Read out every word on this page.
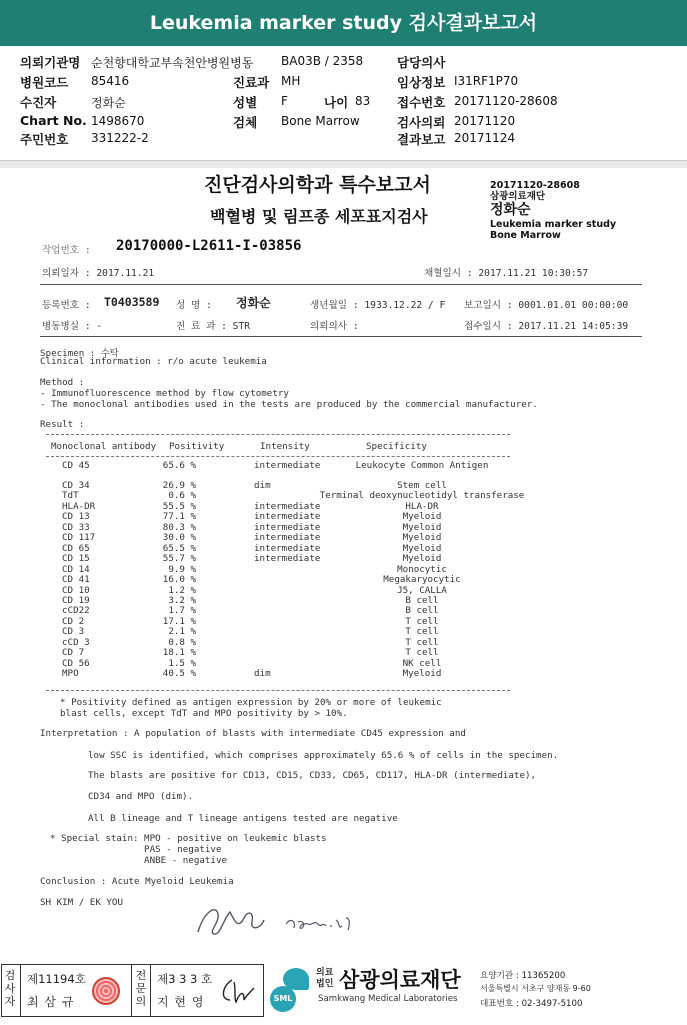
Leukemia marker study 검사결과보고서
의뢰기관명 순천향대학교부속천안병원병동
병원코드 85416
수진자	정화순
Chart No. 1498670
주민번호 331222-2
BA03B / 2358
진료과 MH
성별 F	나이 83
검체 Bone Marrow
담당의사
임상정보 I31RF1P70
접수번호 20171120-28608
검사의뢰 20171120
결과보고 20171124
진단검사의학과 특수보고서
백혈병 및 림프종 세포표지검사
20171120-28608
삼광의료재단
정화순
Leukemia marker study
Bone Marrow
작업번호 : 20170000-L2611-I-03856
의뢰일자 : 2017.11.21	채혈일시 : 2017.11.21 10:30:57
등록번호 : T0403589 성 명 : 정화순	생년월일 : 1933.12.22 / F 보고일시 : 0001.01.01 00:00:00
병동병실 : -	진 료 과 : STR	의뢰의사 :	접수일시 : 2017.11.21 14:05:39
Specimen : 수탁
Clinical information : r/o acute leukemia
Method :
- Immunofluorescence method by flow cytometry
- The monoclonal antibodies used in the tests are produced by the commercial manufacturer.
Result :
Monoclonal antibody Positivity	Intensity	Specificity
CD 45	65.6 %	intermediate	Leukocyte Common Antigen
CD 34	26.9 %	dim	Stem cell
TdT	0.6 %	Terminal deoxynucleotidyl transferase
HLA-DR	55.5 %	intermediate	HLA-DR
CD 13	77.1 %	intermediate	Myeloid
CD 33	80.3 %	intermediate	Myeloid
CD 117	30.0 %	intermediate	Myeloid
CD 65	65.5 %	intermediate	Myeloid
CD 15	55.7 %	intermediate	Myeloid
CD 14	9.9 %	Monocytic
CD 41	16.0 %	Megakaryocytic
CD 10	1.2 %	J5, CALLA
CD 19	3.2 %	B cell
cCD22	1.7 %	B cell
CD 2	17.1 %	T cell
CD 3	2.1 %	T cell
cCD 3	0.8 %	T cell
CD 7	18.1 %	T cell
CD 56	1.5 %	NK cell
MPO	40.5 %	dim	Myeloid
* Positivity defined as antigen expression by 20% or more of leukemic
blast cells, except TdT and MPO positivity by > 10%.
Interpretation : A population of blasts with intermediate CD45 expression and
low SSC is identified, which comprises approximately 65.6 % of cells in the specimen.
The blasts are positive for CD13, CD15, CD33, CD65, CD117, HLA-DR (intermediate),
CD34 and MPO (dim).
All B lineage and T lineage antigens tested are negative
* Special stain: MPO - positive on leukemic blasts
PAS - negative
ANBE - negative
Conclusion : Acute Myeloid Leukemia
SH KIM / EK YOU
검
사
자
제11194호
최 삼 규
전
문
의
제3 3 3 호
지 현 영	SML
의료
법인 삼광의료재단
Samkwang Medical Laboratories
요양기관 : 11365200
서울특별시 서초구 양재동 9-60
대표번호 : 02-3497-5100
